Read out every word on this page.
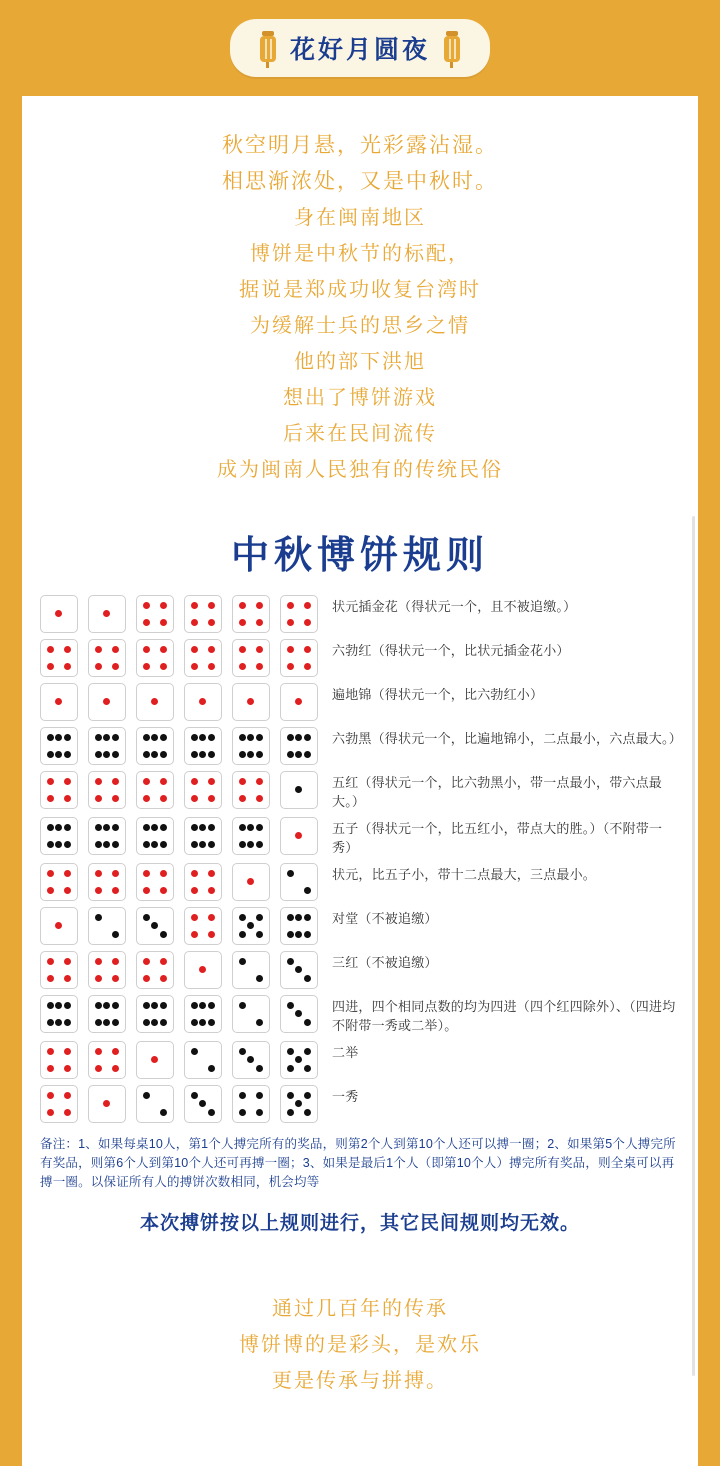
花好月圆夜
秋空明月悬，光彩露沾湿。
相思渐浓处，又是中秋时。
身在闽南地区
博饼是中秋节的标配，
据说是郑成功收复台湾时
为缓解士兵的思乡之情
他的部下洪旭
想出了博饼游戏
后来在民间流传
成为闽南人民独有的传统民俗
中秋博饼规则
状元插金花（得状元一个，且不被追缴。）
六勃红（得状元一个，比状元插金花小）
遍地锦（得状元一个，比六勃红小）
六勃黑（得状元一个，比遍地锦小，二点最小，六点最大。）
五红（得状元一个，比六勃黑小，带一点最小，带六点最大。）
五子（得状元一个，比五红小，带点大的胜。）（不附带一秀）
状元，比五子小，带十二点最大，三点最小。
对堂（不被追缴）
三红（不被追缴）
四进，四个相同点数的均为四进（四个红四除外）、（四进均不附带一秀或二举）。
二举
一秀
备注：1、如果每桌10人，第1个人搏完所有的奖品，则第2个人到第10个人还可以搏一圈；2、如果第5个人搏完所有奖品，则第6个人到第10个人还可再搏一圈；3、如果是最后1个人（即第10个人）搏完所有奖品，则全桌可以再搏一圈。以保证所有人的搏饼次数相同，机会均等
本次搏饼按以上规则进行，其它民间规则均无效。
通过几百年的传承
博饼博的是彩头，是欢乐
更是传承与拼搏。
